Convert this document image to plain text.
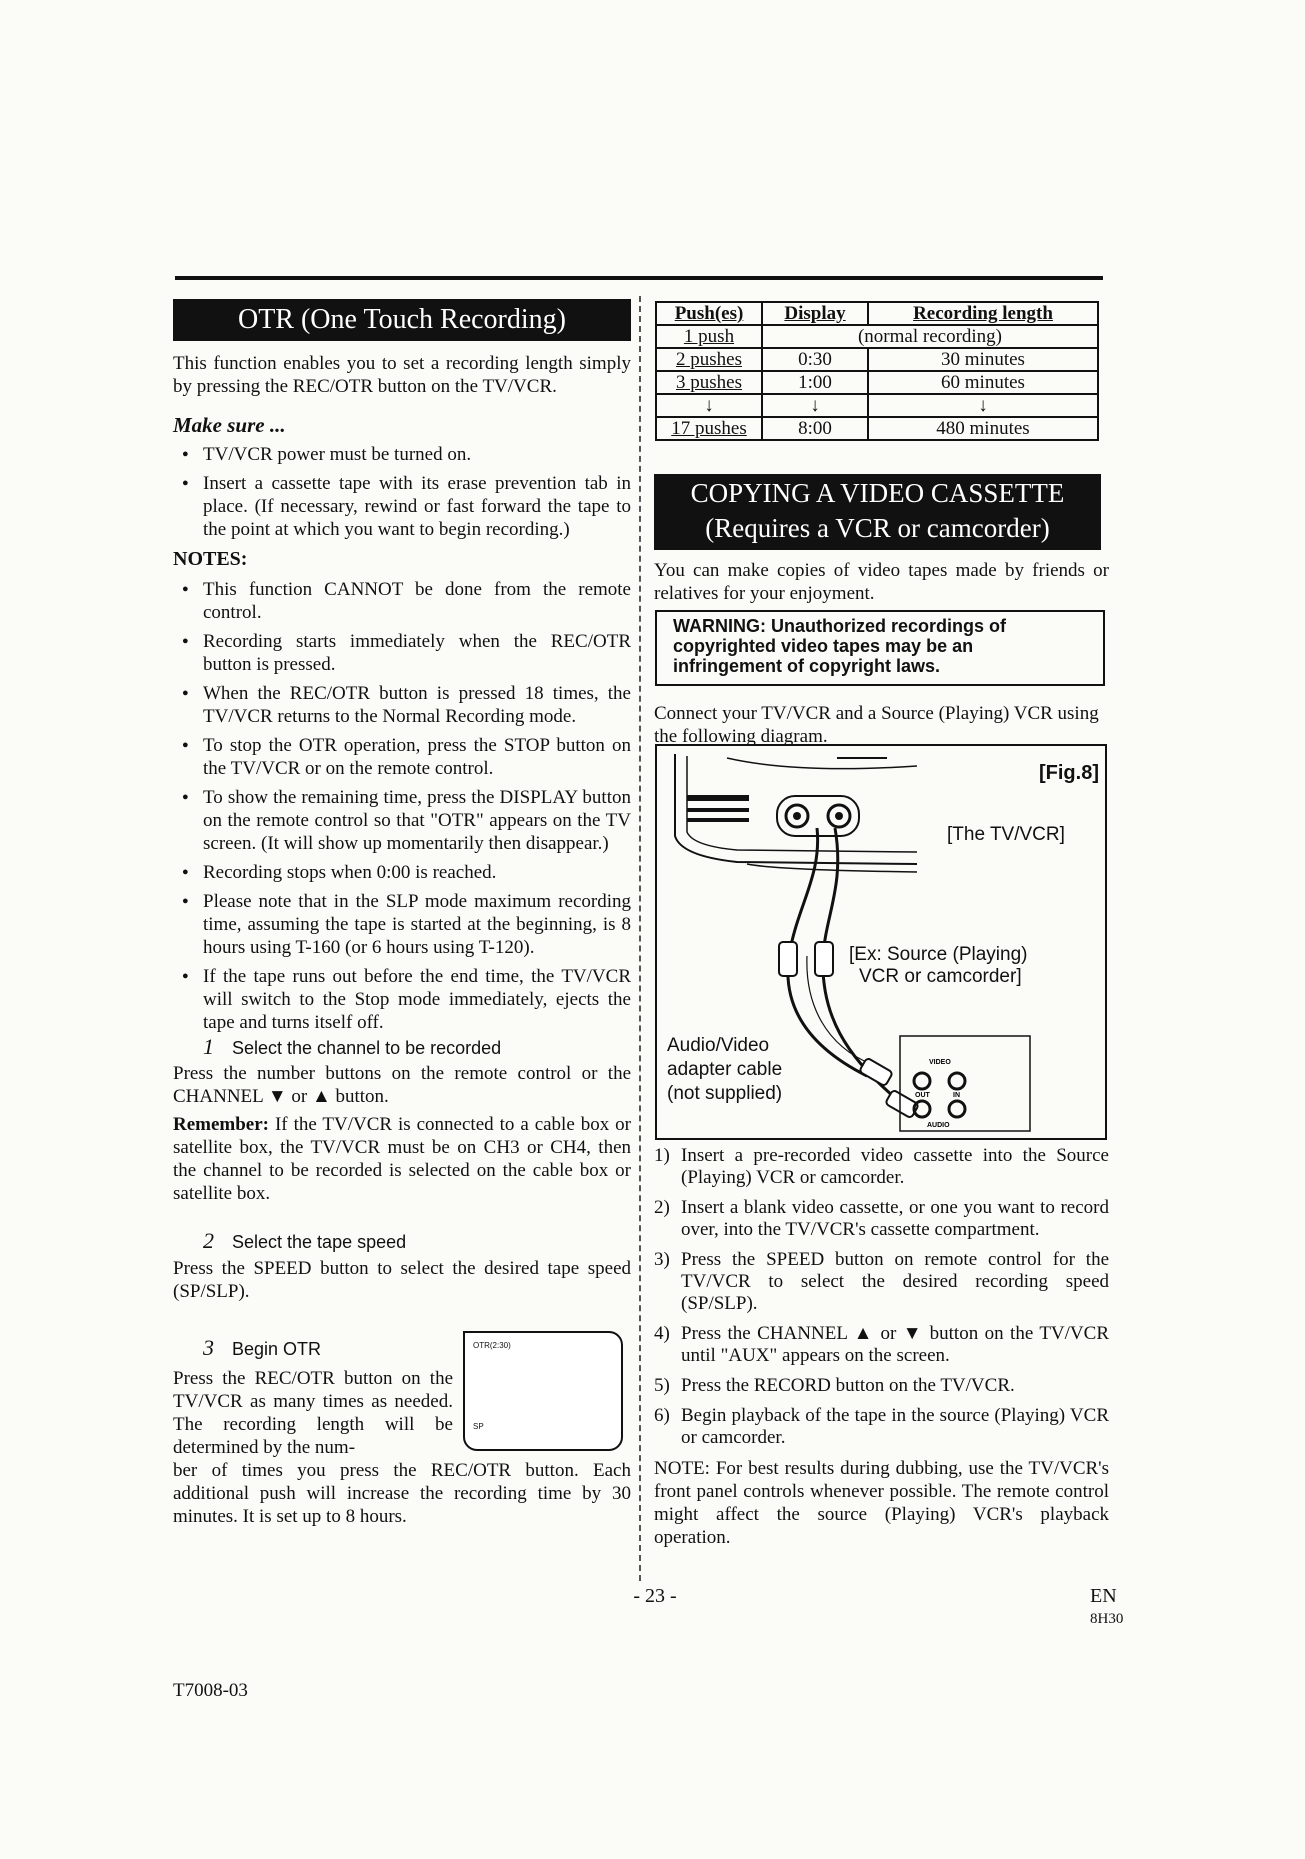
OTR (One Touch Recording)
This function enables you to set a recording length simply by pressing the REC/OTR button on the TV/VCR.
Make sure ...
● TV/VCR power must be turned on.
● Insert a cassette tape with its erase prevention tab in place. (If necessary, rewind or fast forward the tape to the point at which you want to begin recording.)
NOTES:
● This function CANNOT be done from the remote control.
● Recording starts immediately when the REC/OTR button is pressed.
● When the REC/OTR button is pressed 18 times, the TV/VCR returns to the Normal Recording mode.
● To stop the OTR operation, press the STOP button on the TV/VCR or on the remote control.
● To show the remaining time, press the DISPLAY button on the remote control so that "OTR" appears on the TV screen. (It will show up momentarily then disappear.)
● Recording stops when 0:00 is reached.
● Please note that in the SLP mode maximum recording time, assuming the tape is started at the beginning, is 8 hours using T-160 (or 6 hours using T-120).
● If the tape runs out before the end time, the TV/VCR will switch to the Stop mode immediately, ejects the tape and turns itself off.
1 Select the channel to be recorded
Press the number buttons on the remote control or the CHANNEL ▼ or ▲ button.
Remember: If the TV/VCR is connected to a cable box or satellite box, the TV/VCR must be on CH3 or CH4, then the channel to be recorded is selected on the cable box or satellite box.
2 Select the tape speed
Press the SPEED button to select the desired tape speed (SP/SLP).
3 Begin OTR
Press the REC/OTR button on the TV/VCR as many times as needed. The recording length will be determined by the num-
OTR(2:30)
SP
ber of times you press the REC/OTR button. Each additional push will increase the recording time by 30 minutes. It is set up to 8 hours.
Push(es)	Display	Recording length
1 push	(normal recording)	
2 pushes	0:30	30 minutes
3 pushes	1:00	60 minutes
↓	↓	↓
17 pushes	8:00	480 minutes
COPYING A VIDEO CASSETTE
(Requires a VCR or camcorder)
You can make copies of video tapes made by friends or relatives for your enjoyment.
WARNING: Unauthorized recordings of copyrighted video tapes may be an infringement of copyright laws.
Connect your TV/VCR and a Source (Playing) VCR using the following diagram.
VIDEO
OUT	IN
AUDIO
[Fig.8]
[The TV/VCR]
[Ex: Source (Playing)
VCR or camcorder]
Audio/Video
adapter cable
(not supplied)
1) Insert a pre-recorded video cassette into the Source (Playing) VCR or camcorder.
2) Insert a blank video cassette, or one you want to record over, into the TV/VCR's cassette compartment.
3) Press the SPEED button on remote control for the TV/VCR to select the desired recording speed (SP/SLP).
4) Press the CHANNEL ▲ or ▼ button on the TV/VCR until "AUX" appears on the screen.
5) Press the RECORD button on the TV/VCR.
6) Begin playback of the tape in the source (Playing) VCR or camcorder.
NOTE: For best results during dubbing, use the TV/VCR's front panel controls whenever possible. The remote control might affect the source (Playing) VCR's playback operation.
- 23 -	EN
8H30
T7008-03
